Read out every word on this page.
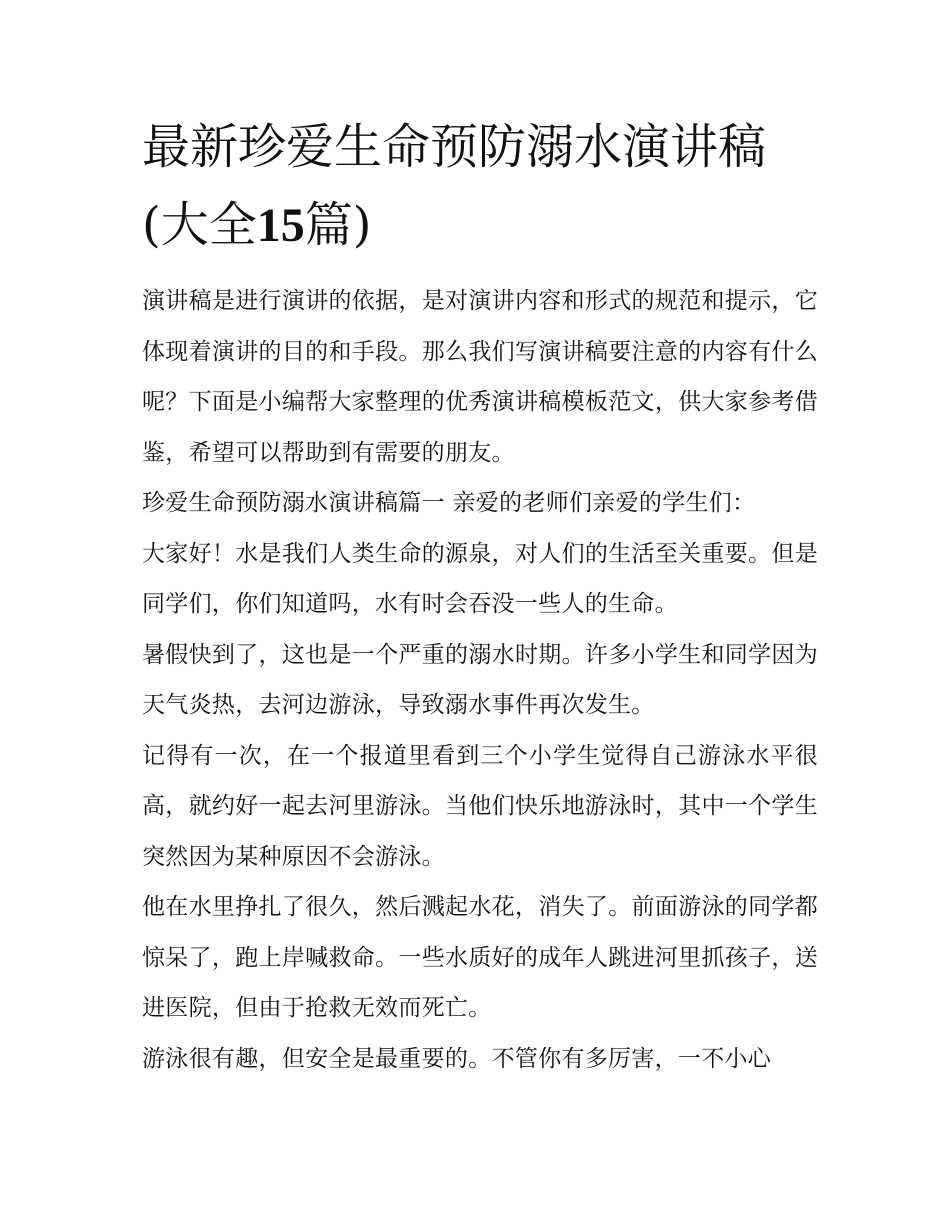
最新珍爱生命预防溺水演讲稿
(大全15篇)

演讲稿是进行演讲的依据，是对演讲内容和形式的规范和提示，它体现着演讲的目的和手段。那么我们写演讲稿要注意的内容有什么呢？下面是小编帮大家整理的优秀演讲稿模板范文，供大家参考借鉴，希望可以帮助到有需要的朋友。

珍爱生命预防溺水演讲稿篇一 亲爱的老师们亲爱的学生们：

大家好！水是我们人类生命的源泉，对人们的生活至关重要。但是同学们，你们知道吗，水有时会吞没一些人的生命。

暑假快到了，这也是一个严重的溺水时期。许多小学生和同学因为天气炎热，去河边游泳，导致溺水事件再次发生。

记得有一次，在一个报道里看到三个小学生觉得自己游泳水平很高，就约好一起去河里游泳。当他们快乐地游泳时，其中一个学生突然因为某种原因不会游泳。

他在水里挣扎了很久，然后溅起水花，消失了。前面游泳的同学都惊呆了，跑上岸喊救命。一些水质好的成年人跳进河里抓孩子，送进医院，但由于抢救无效而死亡。

游泳很有趣，但安全是最重要的。不管你有多厉害，一不小心
